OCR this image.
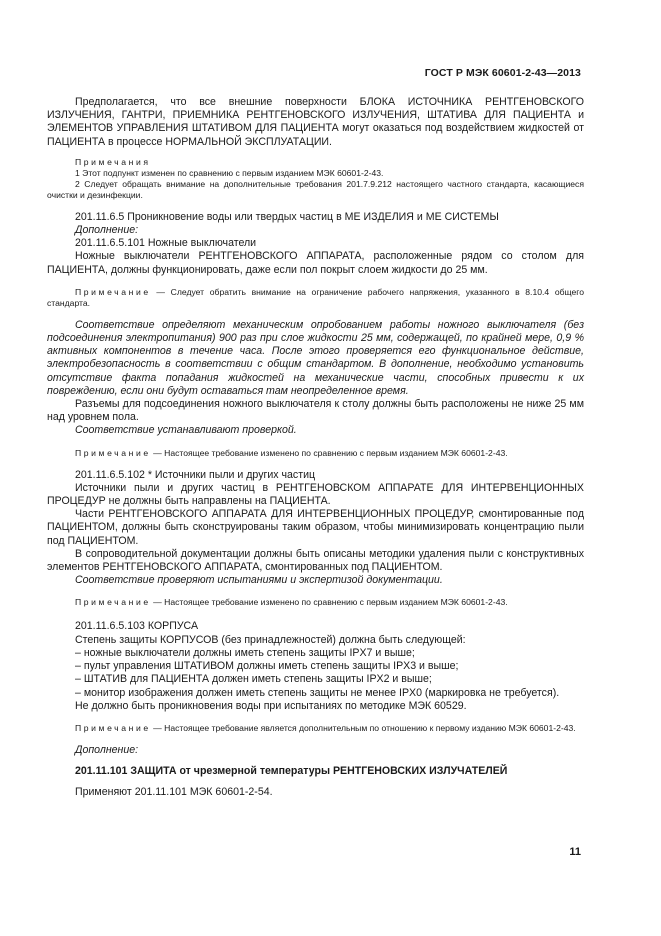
ГОСТ Р МЭК 60601-2-43—2013

Предполагается, что все внешние поверхности БЛОКА ИСТОЧНИКА РЕНТГЕНОВСКОГО ИЗЛУЧЕНИЯ, ГАНТРИ, ПРИЕМНИКА РЕНТГЕНОВСКОГО ИЗЛУЧЕНИЯ, ШТАТИВА ДЛЯ ПАЦИЕНТА и ЭЛЕМЕНТОВ УПРАВЛЕНИЯ ШТАТИВОМ ДЛЯ ПАЦИЕНТА могут оказаться под воздействием жидкостей от ПАЦИЕНТА в процессе НОРМАЛЬНОЙ ЭКСПЛУАТАЦИИ.

Примечания

1 Этот подпункт изменен по сравнению с первым изданием МЭК 60601-2-43.

2 Следует обращать внимание на дополнительные требования 201.7.9.212 настоящего частного стандарта, касающиеся очистки и дезинфекции.

201.11.6.5 Проникновение воды или твердых частиц в МЕ ИЗДЕЛИЯ и МЕ СИСТЕМЫ

Дополнение:

201.11.6.5.101 Ножные выключатели

Ножные выключатели РЕНТГЕНОВСКОГО АППАРАТА, расположенные рядом со столом для ПАЦИЕНТА, должны функционировать, даже если пол покрыт слоем жидкости до 25 мм.

Примечание — Следует обратить внимание на ограничение рабочего напряжения, указанного в 8.10.4 общего стандарта.

Соответствие определяют механическим опробованием работы ножного выключателя (без подсоединения электропитания) 900 раз при слое жидкости 25 мм, содержащей, по крайней мере, 0,9 % активных компонентов в течение часа. После этого проверяется его функциональное действие, электробезопасность в соответствии с общим стандартом. В дополнение, необходимо установить отсутствие факта попадания жидкостей на механические части, способных привести к их повреждению, если они будут оставаться там неопределенное время.

Разъемы для подсоединения ножного выключателя к столу должны быть расположены не ниже 25 мм над уровнем пола.

Соответствие устанавливают проверкой.

Примечание — Настоящее требование изменено по сравнению с первым изданием МЭК 60601-2-43.

201.11.6.5.102 * Источники пыли и других частиц

Источники пыли и других частиц в РЕНТГЕНОВСКОМ АППАРАТЕ ДЛЯ ИНТЕРВЕНЦИОННЫХ ПРОЦЕДУР не должны быть направлены на ПАЦИЕНТА.

Части РЕНТГЕНОВСКОГО АППАРАТА ДЛЯ ИНТЕРВЕНЦИОННЫХ ПРОЦЕДУР, смонтированные под ПАЦИЕНТОМ, должны быть сконструированы таким образом, чтобы минимизировать концентрацию пыли под ПАЦИЕНТОМ.

В сопроводительной документации должны быть описаны методики удаления пыли с конструктивных элементов РЕНТГЕНОВСКОГО АППАРАТА, смонтированных под ПАЦИЕНТОМ.

Соответствие проверяют испытаниями и экспертизой документации.

Примечание — Настоящее требование изменено по сравнению с первым изданием МЭК 60601-2-43.

201.11.6.5.103 КОРПУСА

Степень защиты КОРПУСОВ (без принадлежностей) должна быть следующей:

– ножные выключатели должны иметь степень защиты IPX7 и выше;

– пульт управления ШТАТИВОМ должны иметь степень защиты IPX3 и выше;

– ШТАТИВ для ПАЦИЕНТА должен иметь степень защиты IPX2 и выше;

– монитор изображения должен иметь степень защиты не менее IPX0 (маркировка не требуется).

Не должно быть проникновения воды при испытаниях по методике МЭК 60529.

Примечание — Настоящее требование является дополнительным по отношению к первому изданию МЭК 60601-2-43.

Дополнение:

201.11.101 ЗАЩИТА от чрезмерной температуры РЕНТГЕНОВСКИХ ИЗЛУЧАТЕЛЕЙ

Применяют 201.11.101 МЭК 60601-2-54.

11
